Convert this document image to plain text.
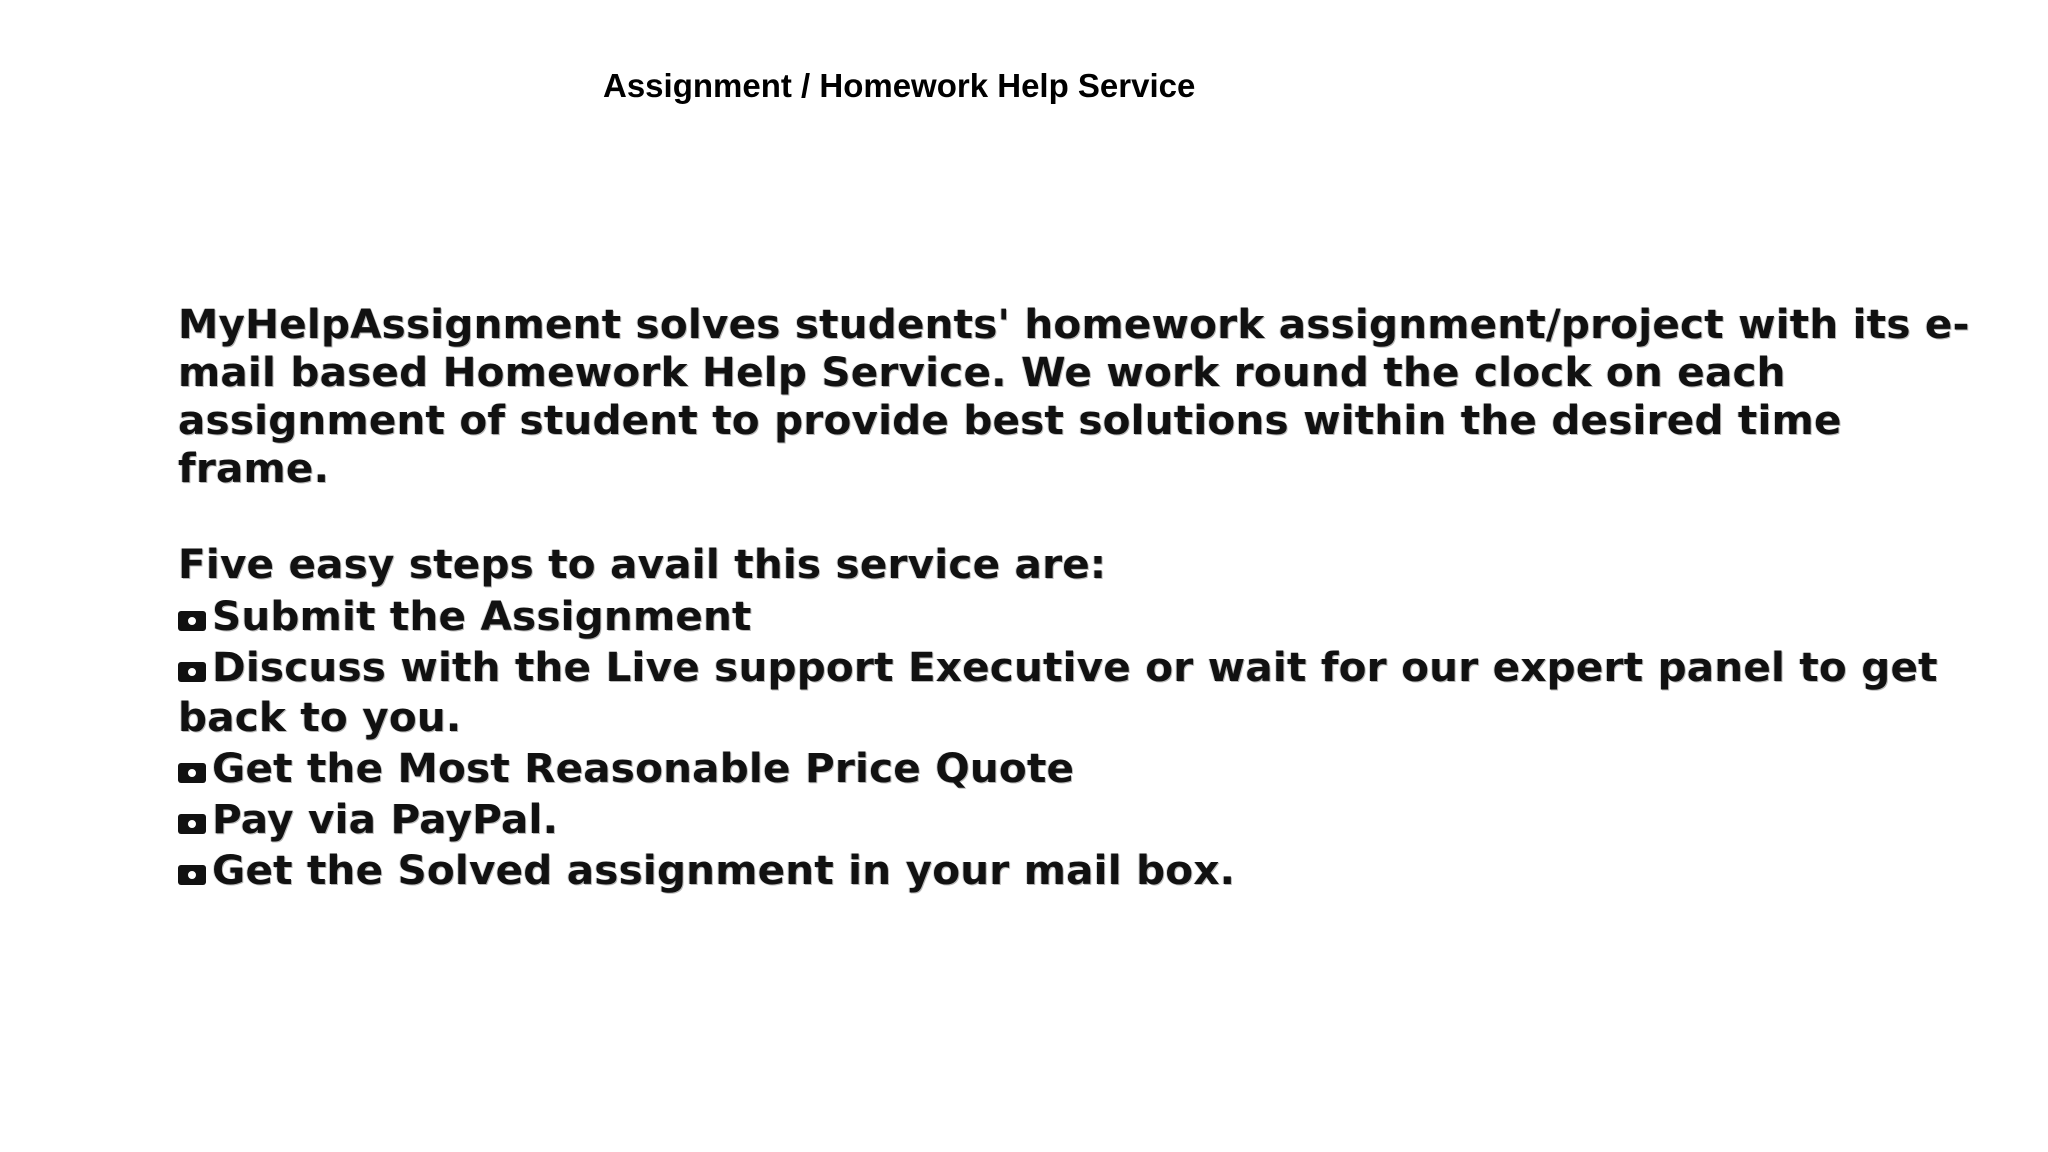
Assignment / Homework Help Service

MyHelpAssignment solves students' homework assignment/project with its e-mail based Homework Help Service. We work round the clock on each assignment of student to provide best solutions within the desired time frame.

Five easy steps to avail this service are:

Submit the Assignment
Discuss with the Live support Executive or wait for our expert panel to get back to you.
Get the Most Reasonable Price Quote
Pay via PayPal.
Get the Solved assignment in your mail box.
